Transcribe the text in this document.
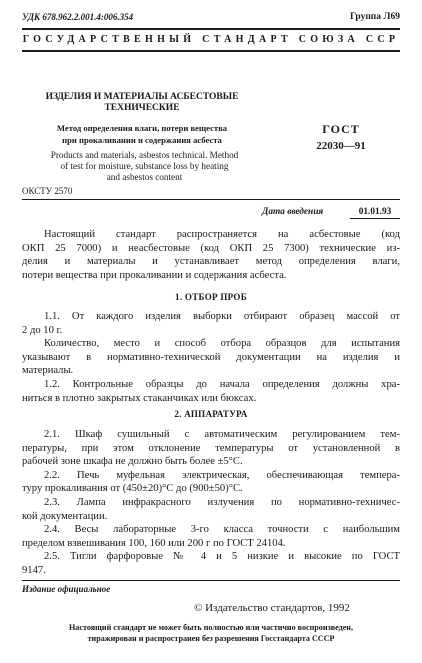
УДК 678.962.2.001.4:006.354	Группа Л69
ГОСУДАРСТВЕННЫЙ СТАНДАРТ СОЮЗА ССР
ИЗДЕЛИЯ И МАТЕРИАЛЫ АСБЕСТОВЫЕ
ТЕХНИЧЕСКИЕ
Метод определения влаги, потери вещества
при прокаливании и содержания асбеста
Products and materials, asbestos technical. Method
of test for moisture, substance loss by heating
and asbestos content
ОКСТУ 2570
ГОСТ
22030—91
Дата введения	01.01.93
Настоящий стандарт распространяется на асбестовые (код
ОКП 25 7000) и неасбестовые (код ОКП 25 7300) технические из-
делия и материалы и устанавливает метод определения влаги,
потери вещества при прокаливании и содержания асбеста.
1. ОТБОР ПРОБ
1.1. От каждого изделия выборки отбирают образец массой от
2 до 10 г.
Количество, место и способ отбора образцов для испытания
указывают в нормативно-технической документации на изделия и
материалы.
1.2. Контрольные образцы до начала определения должны хра-
ниться в плотно закрытых стаканчиках или бюксах.
2. АППАРАТУРА
2.1. Шкаф сушильный с автоматическим регулированием тем-
пературы, при этом отклонение температуры от установленной в
рабочей зоне шкафа не должно быть более ±5°С.
2.2. Печь муфельная электрическая, обеспечивающая темпера-
туру прокаливания от (450±20)°С до (900±50)°С.
2.3. Лампа инфракрасного излучения по нормативно-техничес-
кой документации.
2.4. Весы лабораторные 3-го класса точности с наибольшим
пределом взвешивания 100, 160 или 200 г по ГОСТ 24104.
2.5. Тигли фарфоровые № 4 и 5 низкие и высокие по ГОСТ
9147.
Издание официальное
© Издательство стандартов, 1992
Настоящий стандарт не может быть полностью или частично воспроизведен,
тиражирован и распространен без разрешения Госстандарта СССР
